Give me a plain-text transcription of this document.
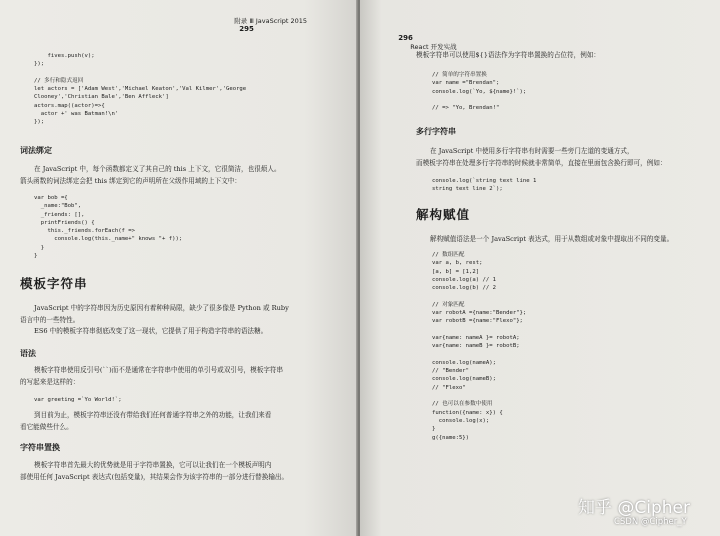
附录 Ⅲ JavaScript 2015
295

fives.push(v);
});

// 多行和隐式返回
let actors = ['Adam West','Michael Keaton','Val Kilmer','George
Clooney','Christian Bale','Ben Affleck']
actors.map((actor)=>{
actor +' was Batman!\n'
});
词法绑定
在 JavaScript 中，每个函数都定义了其自己的 this 上下文，它很简洁，也很烦人。
箭头函数的词法绑定会把 this 绑定到它的声明所在父级作用域的上下文中：
var bob ={
_name:"Bob",
_friends: [],
printFriends() {
this._friends.forEach(f =>
console.log(this._name+" knows "+ f));
}
}
模板字符串
JavaScript 中的字符串因为历史原因有着种种局限，缺少了很多像是 Python 或 Ruby
语言中的一些特性。
ES6 中的模板字符串彻底改变了这一现状，它提供了用于构造字符串的语法糖。
语法
模板字符串使用反引号(``)而不是通常在字符串中使用的单引号或双引号，模板字符串
的写起来是这样的：
var greeting =`Yo World!`;
到目前为止，模板字符串还没有带给我们任何普通字符串之外的功能，让我们来看
看它能做些什么。
字符串置换
模板字符串首先最大的优势就是用于字符串置换，它可以让我们在一个模板声明内
部使用任何 JavaScript 表达式(包括变量)，其结果会作为该字符串的一部分进行替换输出。

296
React 开发实战

模板字符串可以使用${}语法作为字符串置换的占位符，例如：
// 简单的字符串置换
var name ="Brendan";
console.log(`Yo, ${name}!`);

// => "Yo, Brendan!"
多行字符串
在 JavaScript 中使用多行字符串有时需要一些旁门左道的变通方式，
而模板字符串在处理多行字符串的时候就非常简单，直接在里面包含换行即可，例如：
console.log(`string text line 1
string text line 2`);
解构赋值
解构赋值语法是一个 JavaScript 表达式，用于从数组或对象中提取出不同的变量。
// 数组匹配
var a, b, rest;
[a, b] = [1,2]
console.log(a) // 1
console.log(b) // 2

// 对象匹配
var robotA ={name:"Bender"};
var robotB ={name:"Flexo"};

var{name: nameA }= robotA;
var{name: nameB }= robotB;

console.log(nameA);
// "Bender"
console.log(nameB);
// "Flexo"

// 也可以在参数中使用
function({name: x}) {
console.log(x);
}
g({name:5})
知乎 @Cipher
CSDN @Cipher_Y
